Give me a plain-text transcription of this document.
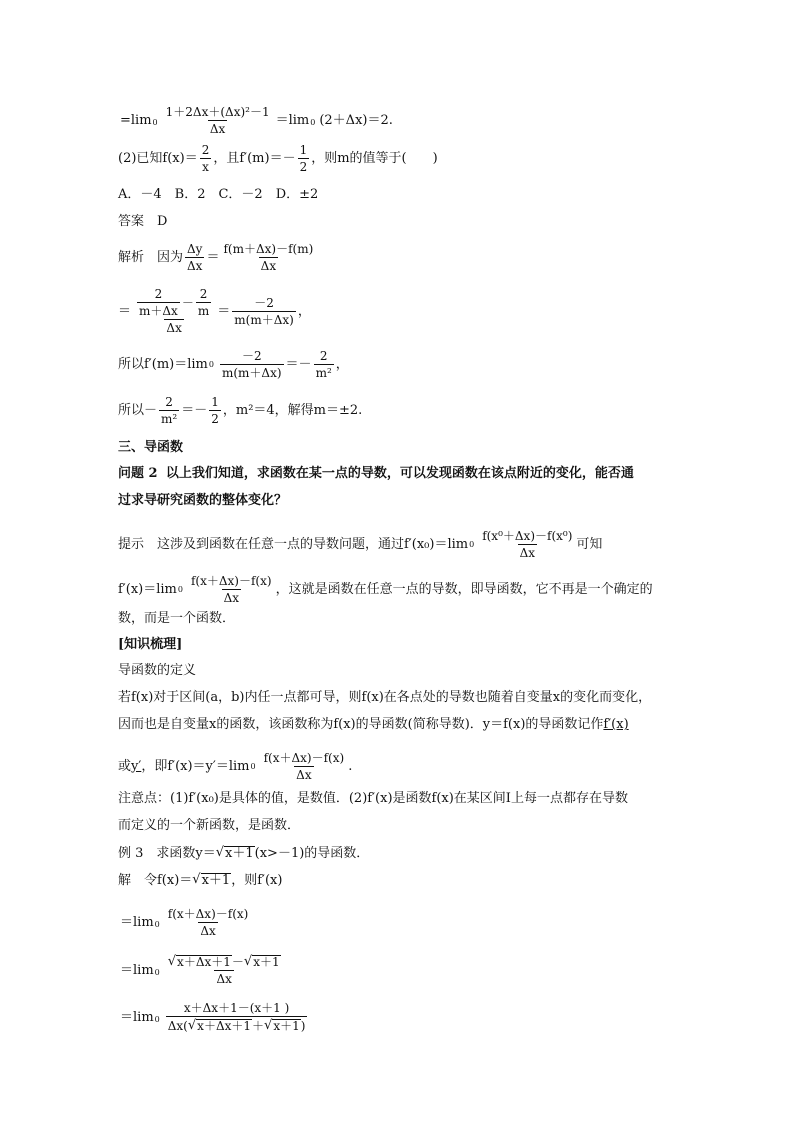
=lim $0 \frac{\text{1＋2Δx＋(Δx)²－1}}{\Delta x} =\lim$ 0 (2＋Δx)＝2.
(2)已知$f(x)= \frac{2}{x}$ ，且$f'(m)=- \frac{1}{2}$ ，则m的值等于(　　)
A．－4　B．2　C．－2　D．±2
答案　D
解析　因为 $\frac{\Delta y}{\Delta x} = \frac{f(m+\Delta x)-f(m)}{\Delta x}$
＝ $\frac{\frac{2}{m+\Delta x} - \frac{2}{m}}{\Delta x} = \frac{-2}{m(m+\Delta x)}$ ，
所以f′(m)＝lim $0 \frac{-2}{m(m+\Delta x)} =- \frac{2}{\text{m²}}$ ，
所以－ $\frac{2}{\text{m²}} =- \frac{1}{2}$ ，m²＝4，解得m＝±2.
三、导函数
问题 2
以上我们知道，求函数在某一点的导数，可以发现函数在该点附近的变化，能否通
过求导研究函数的整体变化？
提示　这涉及到函数在任意一点的导数问题，通过f′(x₀)＝lim $0 \frac{\text{f(x⁰＋Δx)－f(x⁰)}}{\Delta x}$ 可知
f′(x)＝lim $0 \frac{f(x+\Delta x)-f(x)}{\Delta x}$ ，这就是函数在任意一点的导数，即导函数，它不再是一个确定的
数，而是一个函数．
[知识梳理]
导函数的定义
若f(x)对于区间(a，b)内任一点都可导，则f(x)在各点处的导数也随着自变量x的变化而变化，
因而也是自变量x的函数，该函数称为f(x)的导函数(简称导数)．y＝f(x)的导函数记作 f′(x)
或 y′ ，即f′(x)＝y′＝lim $0 \frac{f(x+\Delta x)-f(x)}{\Delta x}$ .
注意点：(1)f′(x₀)是具体的值，是数值．(2)f′(x)是函数f(x)在某区间I上每一点都存在导数
而定义的一个新函数，是函数．
例 3　求函数y＝ √ x＋1 (x>－1)的导函数．
解　令f(x)＝ √ x＋1 ，则f′(x)
＝lim $0 \frac{f(x+\Delta x)-f(x)}{\Delta x}$
＝lim $0 \frac{√ x+\Delta x+1 - √ x+1}{\Delta x}$
＝lim $0 \frac{x+\Delta x+1-(x+1 )}{\Delta x( √ x+\Delta x+1 + √ x+1 )}$
